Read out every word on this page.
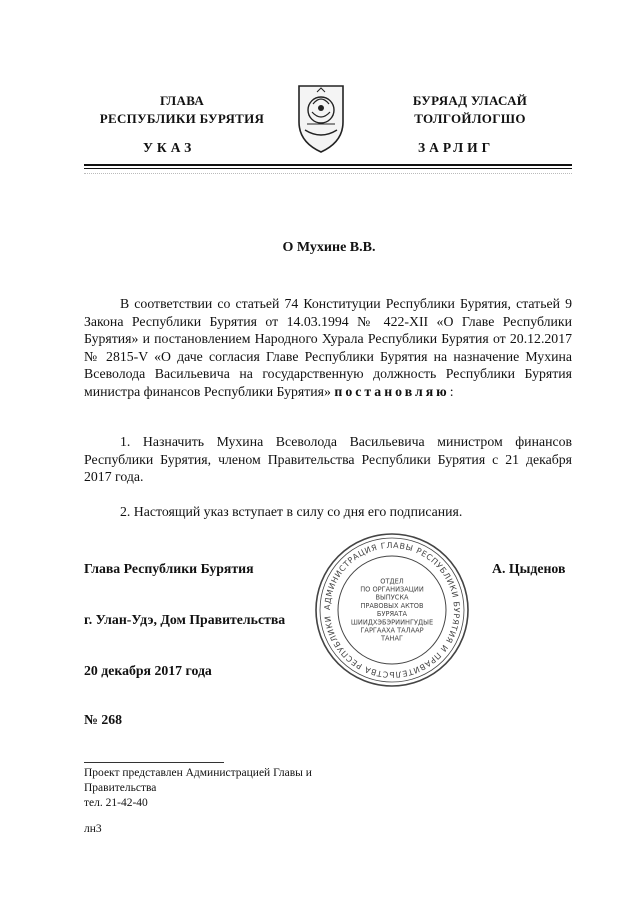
ГЛАВА
РЕСПУБЛИКИ БУРЯТИЯ
БУРЯАД УЛАСАЙ
ТОЛГОЙЛОГШО
УКАЗ	ЗАРЛИГ
О Мухине В.В.
В соответствии со статьей 74 Конституции Республики Бурятия, статьей 9 Закона Республики Бурятия от 14.03.1994 № 422-XII «О Главе Республики Бурятия» и постановлением Народного Хурала Республики Бурятия от 20.12.2017 № 2815-V «О даче согласия Главе Республики Бурятия на назначение Мухина Всеволода Васильевича на государственную должность Республики Бурятия министра финансов Республики Бурятия» постановляю:
1. Назначить Мухина Всеволода Васильевича министром финансов Республики Бурятия, членом Правительства Республики Бурятия с 21 декабря 2017 года.
2. Настоящий указ вступает в силу со дня его подписания.
Глава Республики Бурятия	А. Цыденов
г. Улан-Удэ, Дом Правительства
20 декабря 2017 года
№ 268
АДМИНИСТРАЦИЯ ГЛАВЫ РЕСПУБЛИКИ БУРЯТИЯ И ПРАВИТЕЛЬСТВА РЕСПУБЛИКИ
ОТДЕЛ
ПО ОРГАНИЗАЦИИ
ВЫПУСКА
ПРАВОВЫХ АКТОВ
БУРЯАТА
ШИИДХЭБЭРИИНГУДЫЕ
ГАРГААХА ТАЛААР
ТАНАГ
Проект представлен Администрацией Главы и
Правительства
тел. 21-42-40
лн3
